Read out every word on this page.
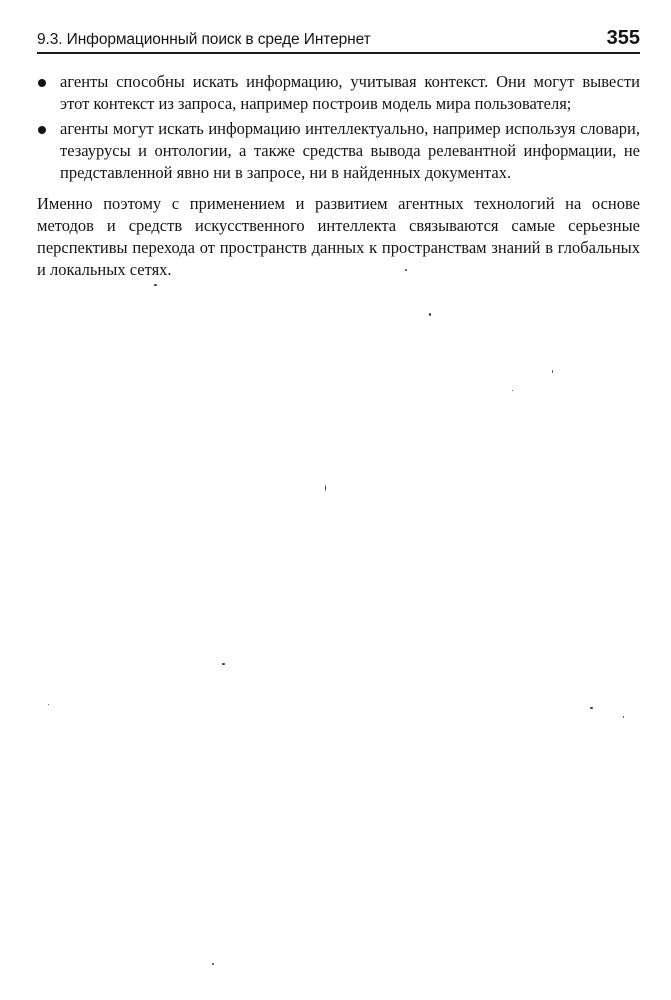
9.3. Информационный поиск в среде Интернет	355
агенты способны искать информацию, учитывая контекст. Они могут вывести этот контекст из запроса, например построив модель мира пользователя;
агенты могут искать информацию интеллектуально, например используя словари, тезаурусы и онтологии, а также средства вывода релевантной информации, не представленной явно ни в запросе, ни в найденных документах.

Именно поэтому с применением и развитием агентных технологий на основе методов и средств искусственного интеллекта связываются самые серьезные перспективы перехода от пространств данных к пространствам знаний в глобальных и локальных сетях.
